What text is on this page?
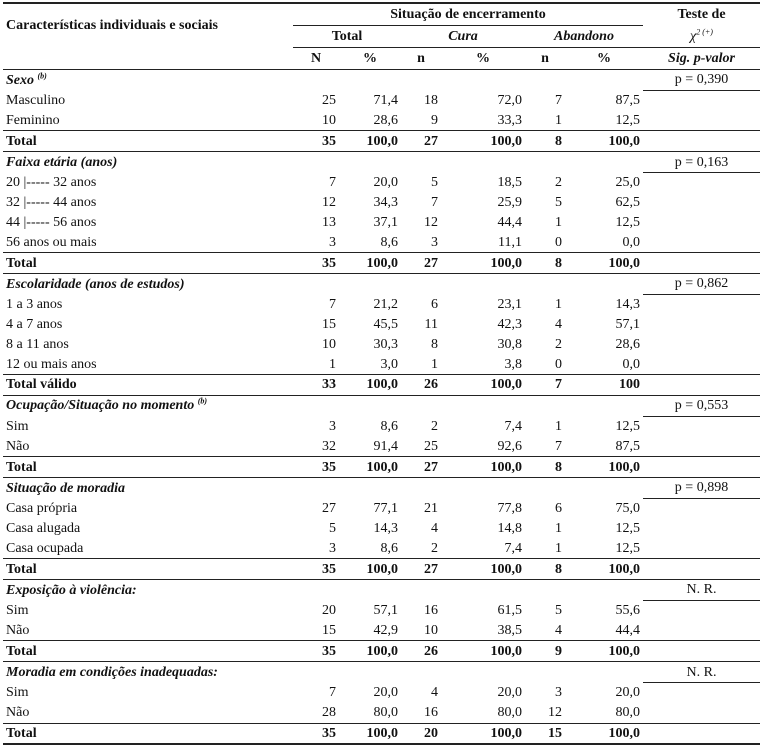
Características individuais e sociais	Situação de encerramento						Teste de
	Total		Cura		Abandono		$\chi^{2 (+)}$
	N	%	n	%	n	%	Sig. p-valor
Sexo $^{(b)}$							p = 0,390
Masculino	25	71,4	18	72,0	7	87,5	
Feminino	10	28,6	9	33,3	1	12,5	
Total	35	100,0	27	100,0	8	100,0	
Faixa etária (anos)							p = 0,163
20 |----- 32 anos	7	20,0	5	18,5	2	25,0	
32 |----- 44 anos	12	34,3	7	25,9	5	62,5	
44 |----- 56 anos	13	37,1	12	44,4	1	12,5	
56 anos ou mais	3	8,6	3	11,1	0	0,0	
Total	35	100,0	27	100,0	8	100,0	
Escolaridade (anos de estudos)							p = 0,862
1 a 3 anos	7	21,2	6	23,1	1	14,3	
4 a 7 anos	15	45,5	11	42,3	4	57,1	
8 a 11 anos	10	30,3	8	30,8	2	28,6	
12 ou mais anos	1	3,0	1	3,8	0	0,0	
Total válido	33	100,0	26	100,0	7	100	
Ocupação/Situação no momento $^{(b)}$							p = 0,553
Sim	3	8,6	2	7,4	1	12,5	
Não	32	91,4	25	92,6	7	87,5	
Total	35	100,0	27	100,0	8	100,0	
Situação de moradia							p = 0,898
Casa própria	27	77,1	21	77,8	6	75,0	
Casa alugada	5	14,3	4	14,8	1	12,5	
Casa ocupada	3	8,6	2	7,4	1	12,5	
Total	35	100,0	27	100,0	8	100,0	
Exposição à violência:							N. R.
Sim	20	57,1	16	61,5	5	55,6	
Não	15	42,9	10	38,5	4	44,4	
Total	35	100,0	26	100,0	9	100,0	
Moradia em condições inadequadas:							N. R.
Sim	7	20,0	4	20,0	3	20,0	
Não	28	80,0	16	80,0	12	80,0	
Total	35	100,0	20	100,0	15	100,0	
